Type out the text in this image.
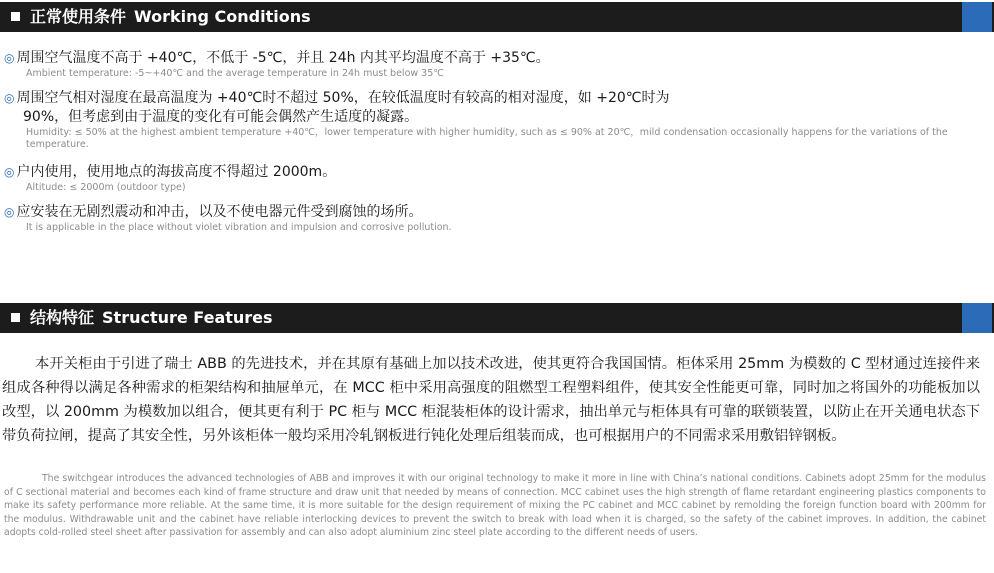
正常使用条件 Working Conditions
◎ 周围空气温度不高于 +40℃，不低于 -5℃，并且 24h 内其平均温度不高于 +35℃。
Ambient temperature: -5~+40℃ and the average temperature in 24h must below 35℃
◎ 周围空气相对湿度在最高温度为 +40℃时不超过 50%，在较低温度时有较高的相对湿度，如 +20℃时为
90%，但考虑到由于温度的变化有可能会偶然产生适度的凝露。
Humidity: ≤ 50% at the highest ambient temperature +40℃，lower temperature with higher humidity, such as ≤ 90% at 20℃，mild condensation occasionally happens for the variations of the temperature.
◎ 户内使用，使用地点的海拔高度不得超过 2000m。
Altitude: ≤ 2000m (outdoor type)
◎ 应安装在无剧烈震动和冲击，以及不使电器元件受到腐蚀的场所。
It is applicable in the place without violet vibration and impulsion and corrosive pollution.
结构特征 Structure Features
本开关柜由于引进了瑞士 ABB 的先进技术，并在其原有基础上加以技术改进，使其更符合我国国情。柜体采用 25mm 为模数的 C 型材通过连接件来组成各种得以满足各种需求的柜架结构和抽屉单元，在 MCC 柜中采用高强度的阻燃型工程塑料组件，使其安全性能更可靠，同时加之将国外的功能板加以改型，以 200mm 为模数加以组合，便其更有利于 PC 柜与 MCC 柜混装柜体的设计需求，抽出单元与柜体具有可靠的联锁装置，以防止在开关通电状态下带负荷拉闸，提高了其安全性，另外该柜体一般均采用冷轧钢板进行钝化处理后组装而成，也可根据用户的不同需求采用敷铝锌钢板。
The switchgear introduces the advanced technologies of ABB and improves it with our original technology to make it more in line with China’s national conditions. Cabinets adopt 25mm for the modulus of C sectional material and becomes each kind of frame structure and draw unit that needed by means of connection. MCC cabinet uses the high strength of flame retardant engineering plastics components to make its safety performance more reliable. At the same time, it is more suitable for the design requirement of mixing the PC cabinet and MCC cabinet by remolding the foreign function board with 200mm for the modulus. Withdrawable unit and the cabinet have reliable interlocking devices to prevent the switch to break with load when it is charged, so the safety of the cabinet improves. In addition, the cabinet adopts cold-rolled steel sheet after passivation for assembly and can also adopt aluminium zinc steel plate according to the different needs of users.
